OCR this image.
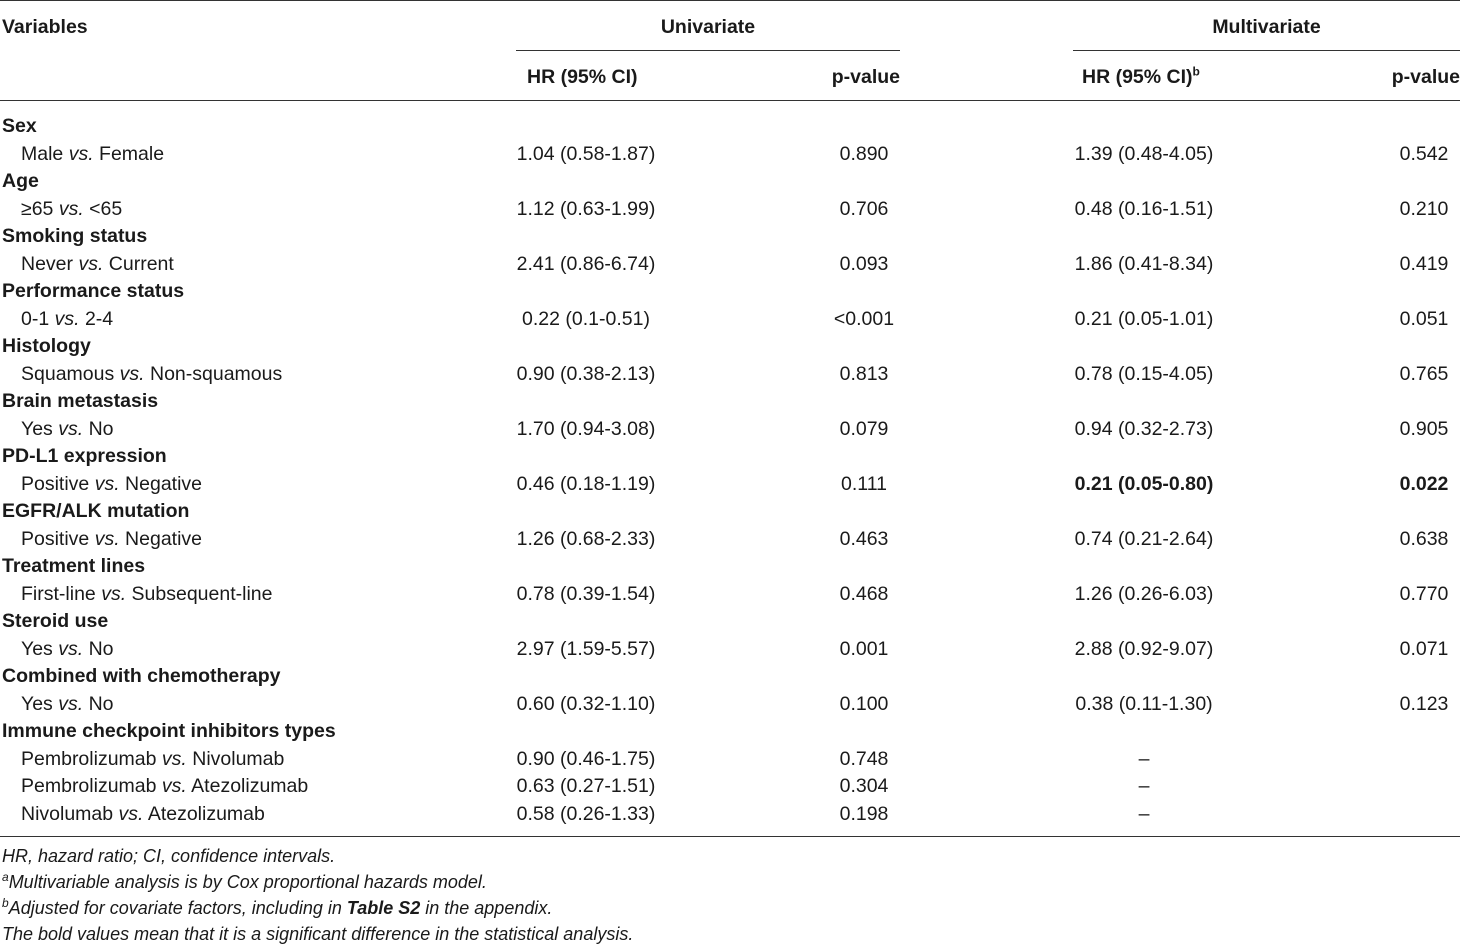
Variables	Univariate	Multivariate
HR (95% CI)	p-value	HR (95% CI)$^b$	p-value
Sex
Male vs. Female	1.04 (0.58-1.87)	0.890	1.39 (0.48-4.05)	0.542
Age
≥65 vs. <65	1.12 (0.63-1.99)	0.706	0.48 (0.16-1.51)	0.210
Smoking status
Never vs. Current	2.41 (0.86-6.74)	0.093	1.86 (0.41-8.34)	0.419
Performance status
0-1 vs. 2-4	0.22 (0.1-0.51)	<0.001	0.21 (0.05-1.01)	0.051
Histology
Squamous vs. Non-squamous	0.90 (0.38-2.13)	0.813	0.78 (0.15-4.05)	0.765
Brain metastasis
Yes vs. No	1.70 (0.94-3.08)	0.079	0.94 (0.32-2.73)	0.905
PD-L1 expression
Positive vs. Negative	0.46 (0.18-1.19)	0.111	0.21 (0.05-0.80)	0.022
EGFR/ALK mutation
Positive vs. Negative	1.26 (0.68-2.33)	0.463	0.74 (0.21-2.64)	0.638
Treatment lines
First-line vs. Subsequent-line	0.78 (0.39-1.54)	0.468	1.26 (0.26-6.03)	0.770
Steroid use
Yes vs. No	2.97 (1.59-5.57)	0.001	2.88 (0.92-9.07)	0.071
Combined with chemotherapy
Yes vs. No	0.60 (0.32-1.10)	0.100	0.38 (0.11-1.30)	0.123
Immune checkpoint inhibitors types
Pembrolizumab vs. Nivolumab	0.90 (0.46-1.75)	0.748	–
Pembrolizumab vs. Atezolizumab	0.63 (0.27-1.51)	0.304	–
Nivolumab vs. Atezolizumab	0.58 (0.26-1.33)	0.198	–
HR, hazard ratio; CI, confidence intervals.
$^a$Multivariable analysis is by Cox proportional hazards model.
$^b$Adjusted for covariate factors, including in Table S2 in the appendix.
The bold values mean that it is a significant difference in the statistical analysis.
